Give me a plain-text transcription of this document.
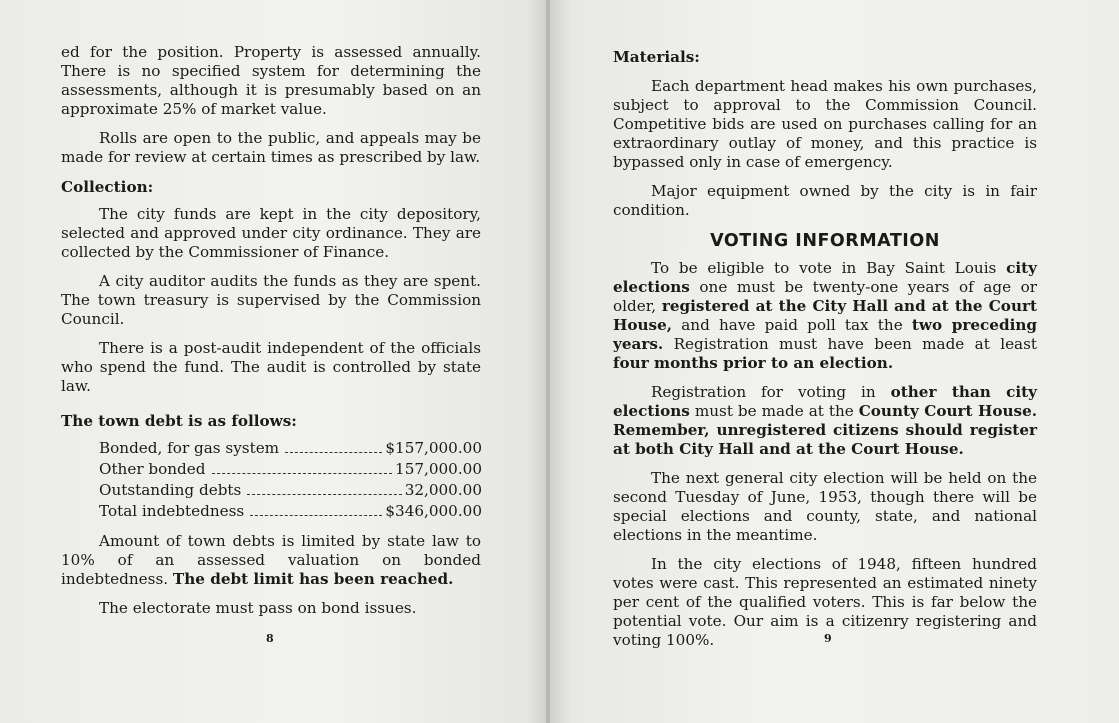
ed for the position. Property is assessed annually. There is no specified system for determining the assessments, although it is presumably based on an approximate 25% of market value.

Rolls are open to the public, and appeals may be made for review at certain times as prescribed by law.

Collection:

The city funds are kept in the city depository, selected and approved under city ordinance. They are collected by the Commissioner of Finance.

A city auditor audits the funds as they are spent. The town treasury is supervised by the Commission Council.

There is a post-audit independent of the officials who spend the fund. The audit is controlled by state law.

The town debt is as follows:

Bonded, for gas system	$157,000.00
Other bonded	157,000.00
Outstanding debts	32,000.00
Total indebtedness	$346,000.00

Amount of town debts is limited by state law to 10% of an assessed valuation on bonded indebtedness. The debt limit has been reached.

The electorate must pass on bond issues.

8

Materials:

Each department head makes his own purchases, subject to approval to the Commission Council. Competitive bids are used on purchases calling for an extraordinary outlay of money, and this practice is bypassed only in case of emergency.

Major equipment owned by the city is in fair condition.

VOTING INFORMATION

To be eligible to vote in Bay Saint Louis city elections one must be twenty-one years of age or older, registered at the City Hall and at the Court House, and have paid poll tax the two preceding years. Registration must have been made at least four months prior to an election.

Registration for voting in other than city elections must be made at the County Court House. Remember, unregistered citizens should register at both City Hall and at the Court House.

The next general city election will be held on the second Tuesday of June, 1953, though there will be special elections and county, state, and national elections in the meantime.

In the city elections of 1948, fifteen hundred votes were cast. This represented an estimated ninety per cent of the qualified voters. This is far below the potential vote. Our aim is a citizenry registering and voting 100%.	9
